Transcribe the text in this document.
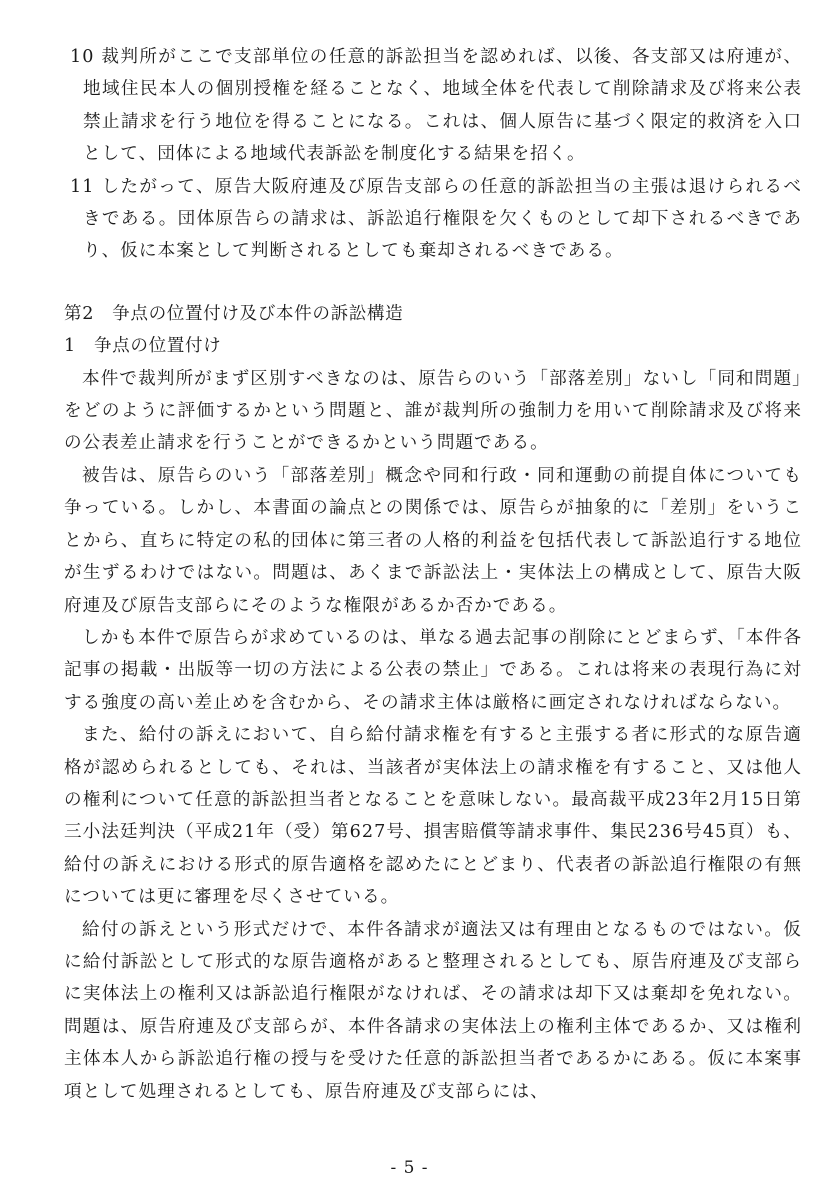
10 裁判所がここで支部単位の任意的訴訟担当を認めれば、以後、各支部又は府連が、地域住民本人の個別授権を経ることなく、地域全体を代表して削除請求及び将来公表禁止請求を行う地位を得ることになる。これは、個人原告に基づく限定的救済を入口として、団体による地域代表訴訟を制度化する結果を招く。

11 したがって、原告大阪府連及び原告支部らの任意的訴訟担当の主張は退けられるべきである。団体原告らの請求は、訴訟追行権限を欠くものとして却下されるべきであり、仮に本案として判断されるとしても棄却されるべきである。

第2　争点の位置付け及び本件の訴訟構造

1　争点の位置付け

本件で裁判所がまず区別すべきなのは、原告らのいう「部落差別」ないし「同和問題」をどのように評価するかという問題と、誰が裁判所の強制力を用いて削除請求及び将来の公表差止請求を行うことができるかという問題である。

被告は、原告らのいう「部落差別」概念や同和行政・同和運動の前提自体についても争っている。しかし、本書面の論点との関係では、原告らが抽象的に「差別」をいうことから、直ちに特定の私的団体に第三者の人格的利益を包括代表して訴訟追行する地位が生ずるわけではない。問題は、あくまで訴訟法上・実体法上の構成として、原告大阪府連及び原告支部らにそのような権限があるか否かである。

しかも本件で原告らが求めているのは、単なる過去記事の削除にとどまらず、「本件各記事の掲載・出版等一切の方法による公表の禁止」である。これは将来の表現行為に対する強度の高い差止めを含むから、その請求主体は厳格に画定されなければならない。

また、給付の訴えにおいて、自ら給付請求権を有すると主張する者に形式的な原告適格が認められるとしても、それは、当該者が実体法上の請求権を有すること、又は他人の権利について任意的訴訟担当者となることを意味しない。最高裁平成23年2月15日第三小法廷判決（平成21年（受）第627号、損害賠償等請求事件、集民236号45頁）も、給付の訴えにおける形式的原告適格を認めたにとどまり、代表者の訴訟追行権限の有無については更に審理を尽くさせている。

給付の訴えという形式だけで、本件各請求が適法又は有理由となるものではない。仮に給付訴訟として形式的な原告適格があると整理されるとしても、原告府連及び支部らに実体法上の権利又は訴訟追行権限がなければ、その請求は却下又は棄却を免れない。問題は、原告府連及び支部らが、本件各請求の実体法上の権利主体であるか、又は権利主体本人から訴訟追行権の授与を受けた任意的訴訟担当者であるかにある。仮に本案事項として処理されるとしても、原告府連及び支部らには、

- 5 -
